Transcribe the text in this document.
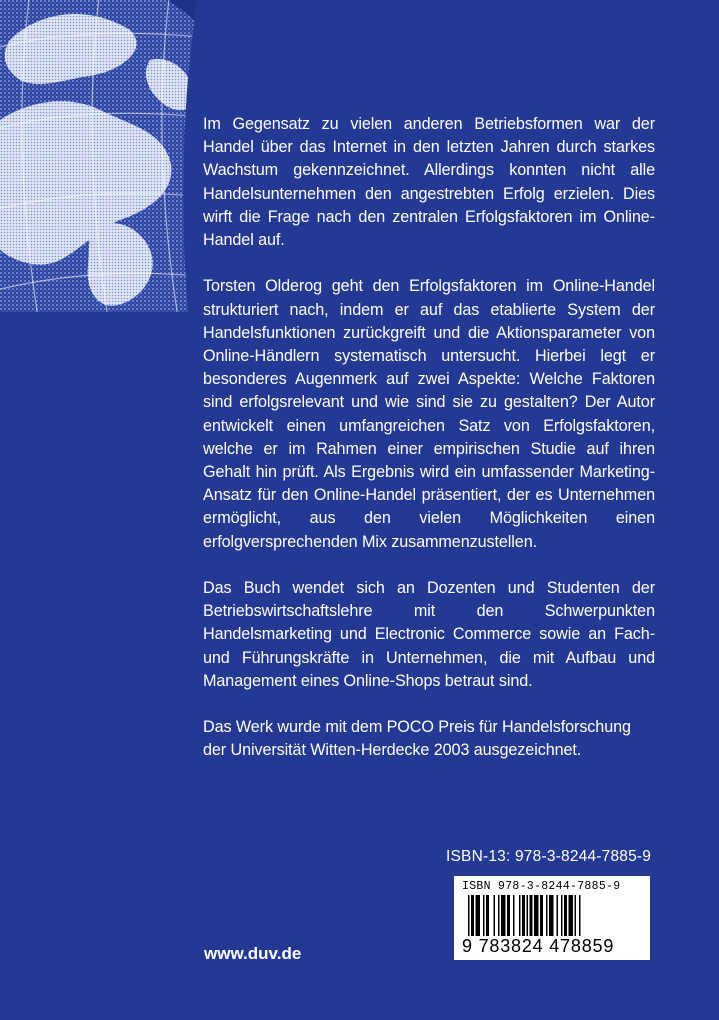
Im Gegensatz zu vielen anderen Betriebsformen war der Handel über das Internet in den letzten Jahren durch starkes Wachstum gekennzeichnet. Allerdings konnten nicht alle Handelsunternehmen den angestrebten Erfolg erzielen. Dies wirft die Frage nach den zentralen Erfolgsfaktoren im Online-Handel auf.

Torsten Olderog geht den Erfolgsfaktoren im Online-Handel strukturiert nach, indem er auf das etablierte System der Handelsfunktionen zurückgreift und die Aktionsparameter von Online-Händlern systematisch untersucht. Hierbei legt er besonderes Augenmerk auf zwei Aspekte: Welche Faktoren sind erfolgsrelevant und wie sind sie zu gestalten? Der Autor entwickelt einen umfangreichen Satz von Erfolgsfaktoren, welche er im Rahmen einer empirischen Studie auf ihren Gehalt hin prüft. Als Ergebnis wird ein umfassender Marketing-Ansatz für den Online-Handel präsentiert, der es Unternehmen ermöglicht, aus den vielen Möglichkeiten einen erfolgversprechenden Mix zusammenzustellen.

Das Buch wendet sich an Dozenten und Studenten der Betriebswirtschaftslehre mit den Schwerpunkten Handelsmarketing und Electronic Commerce sowie an Fach- und Führungskräfte in Unternehmen, die mit Aufbau und Management eines Online-Shops betraut sind.

Das Werk wurde mit dem POCO Preis für Handelsforschung der Universität Witten-Herdecke 2003 ausgezeichnet.

ISBN-13: 978-3-8244-7885-9
ISBN 978-3-8244-7885-9
9 783824 478859
www.duv.de
